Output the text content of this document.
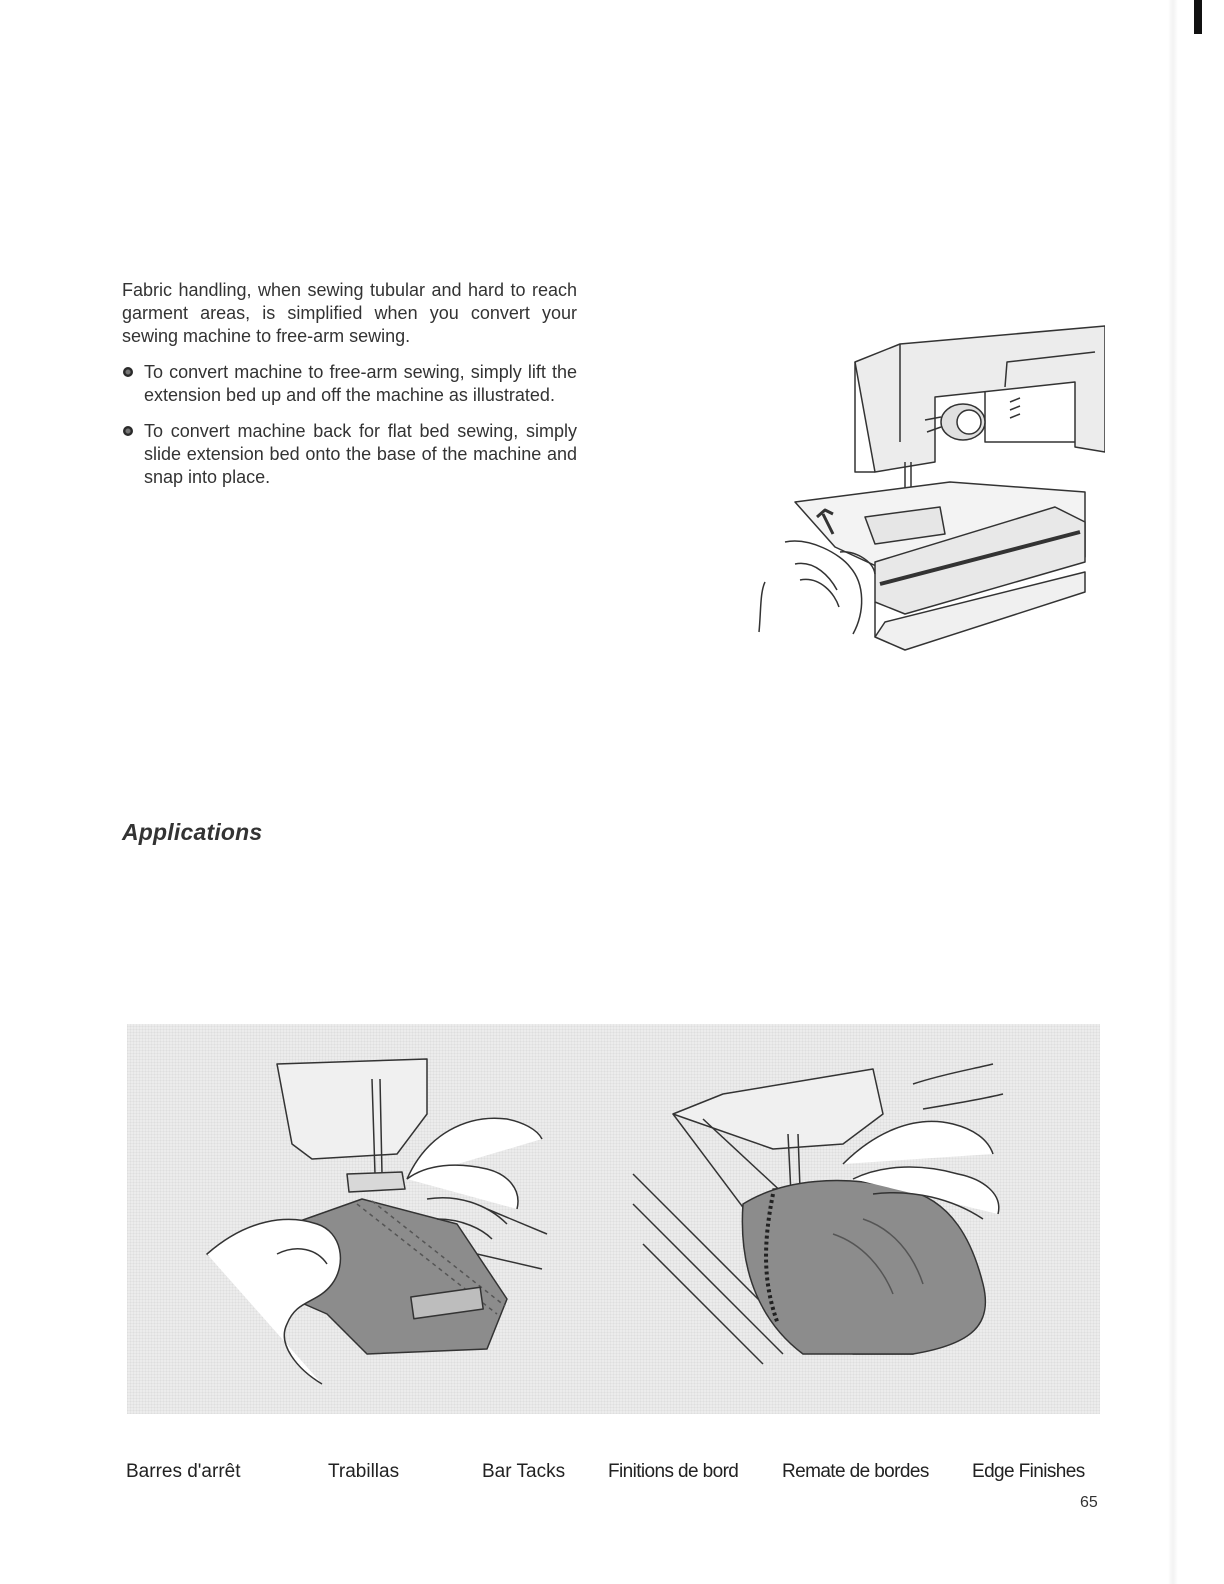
Fabric handling, when sewing tubular and hard to reach garment areas, is simplified when you convert your sewing machine to free-arm sewing.

To convert machine to free-arm sewing, simply lift the extension bed up and off the machine as illustrated.
To convert machine back for flat bed sewing, simply slide extension bed onto the base of the machine and snap into place.
Applications
Barres d'arrêt	Trabillas	Bar Tacks Finitions de bord Remate de bordes Edge Finishes
65
